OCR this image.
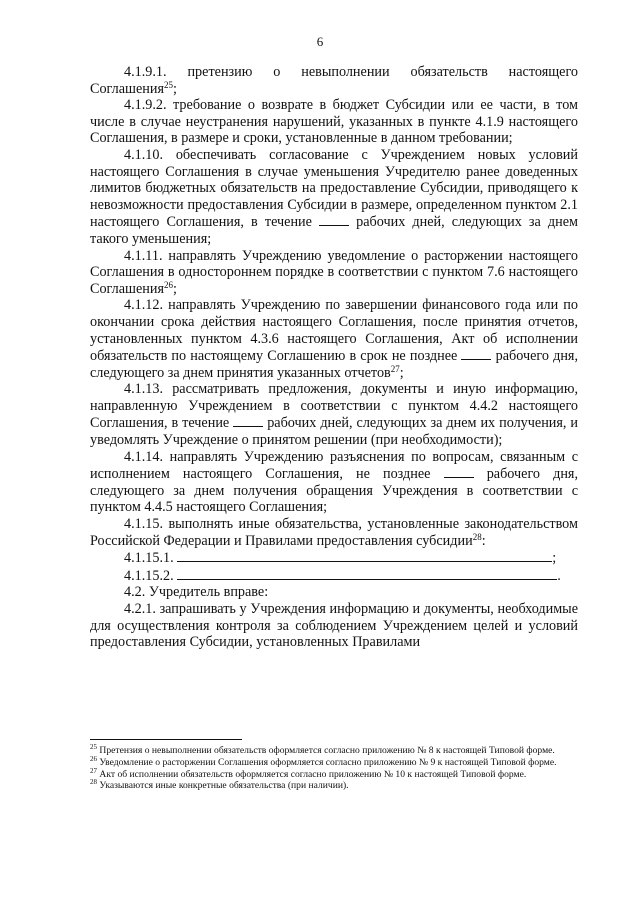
6

4.1.9.1. претензию о невыполнении обязательств настоящего Соглашения$^{25}$;

4.1.9.2. требование о возврате в бюджет Субсидии или ее части, в том числе в случае неустранения нарушений, указанных в пункте 4.1.9 настоящего Соглашения, в размере и сроки, установленные в данном требовании;

4.1.10. обеспечивать согласование с Учреждением новых условий настоящего Соглашения в случае уменьшения Учредителю ранее доведенных лимитов бюджетных обязательств на предоставление Субсидии, приводящего к невозможности предоставления Субсидии в размере, определенном пунктом 2.1 настоящего Соглашения, в течение	рабочих дней, следующих за днем такого уменьшения;

4.1.11. направлять Учреждению уведомление о расторжении настоящего Соглашения в одностороннем порядке в соответствии с пунктом 7.6 настоящего Соглашения$^{26}$;

4.1.12. направлять Учреждению по завершении финансового года или по окончании срока действия настоящего Соглашения, после принятия отчетов, установленных пунктом 4.3.6 настоящего Соглашения, Акт об исполнении обязательств по настоящему Соглашению в срок не позднее	рабочего дня, следующего за днем принятия указанных отчетов$^{27}$;

4.1.13. рассматривать предложения, документы и иную информацию, направленную Учреждением в соответствии с пунктом 4.4.2 настоящего Соглашения, в течение	рабочих дней, следующих за днем их получения, и уведомлять Учреждение о принятом решении (при необходимости);

4.1.14. направлять Учреждению разъяснения по вопросам, связанным с исполнением настоящего Соглашения, не позднее	рабочего дня, следующего за днем получения обращения Учреждения в соответствии с пунктом 4.4.5 настоящего Соглашения;

4.1.15. выполнять иные обязательства, установленные законодательством Российской Федерации и Правилами предоставления субсидии$^{28}$:

4.1.15.1.	;

4.1.15.2.	.

4.2. Учредитель вправе:

4.2.1. запрашивать у Учреждения информацию и документы, необходимые для осуществления контроля за соблюдением Учреждением целей и условий предоставления Субсидии, установленных Правилами

$^{25}$ Претензия о невыполнении обязательств оформляется согласно приложению № 8 к настоящей Типовой форме.

$^{26}$ Уведомление о расторжении Соглашения оформляется согласно приложению № 9 к настоящей Типовой форме.

$^{27}$ Акт об исполнении обязательств оформляется согласно приложению № 10 к настоящей Типовой форме.

$^{28}$ Указываются иные конкретные обязательства (при наличии).
